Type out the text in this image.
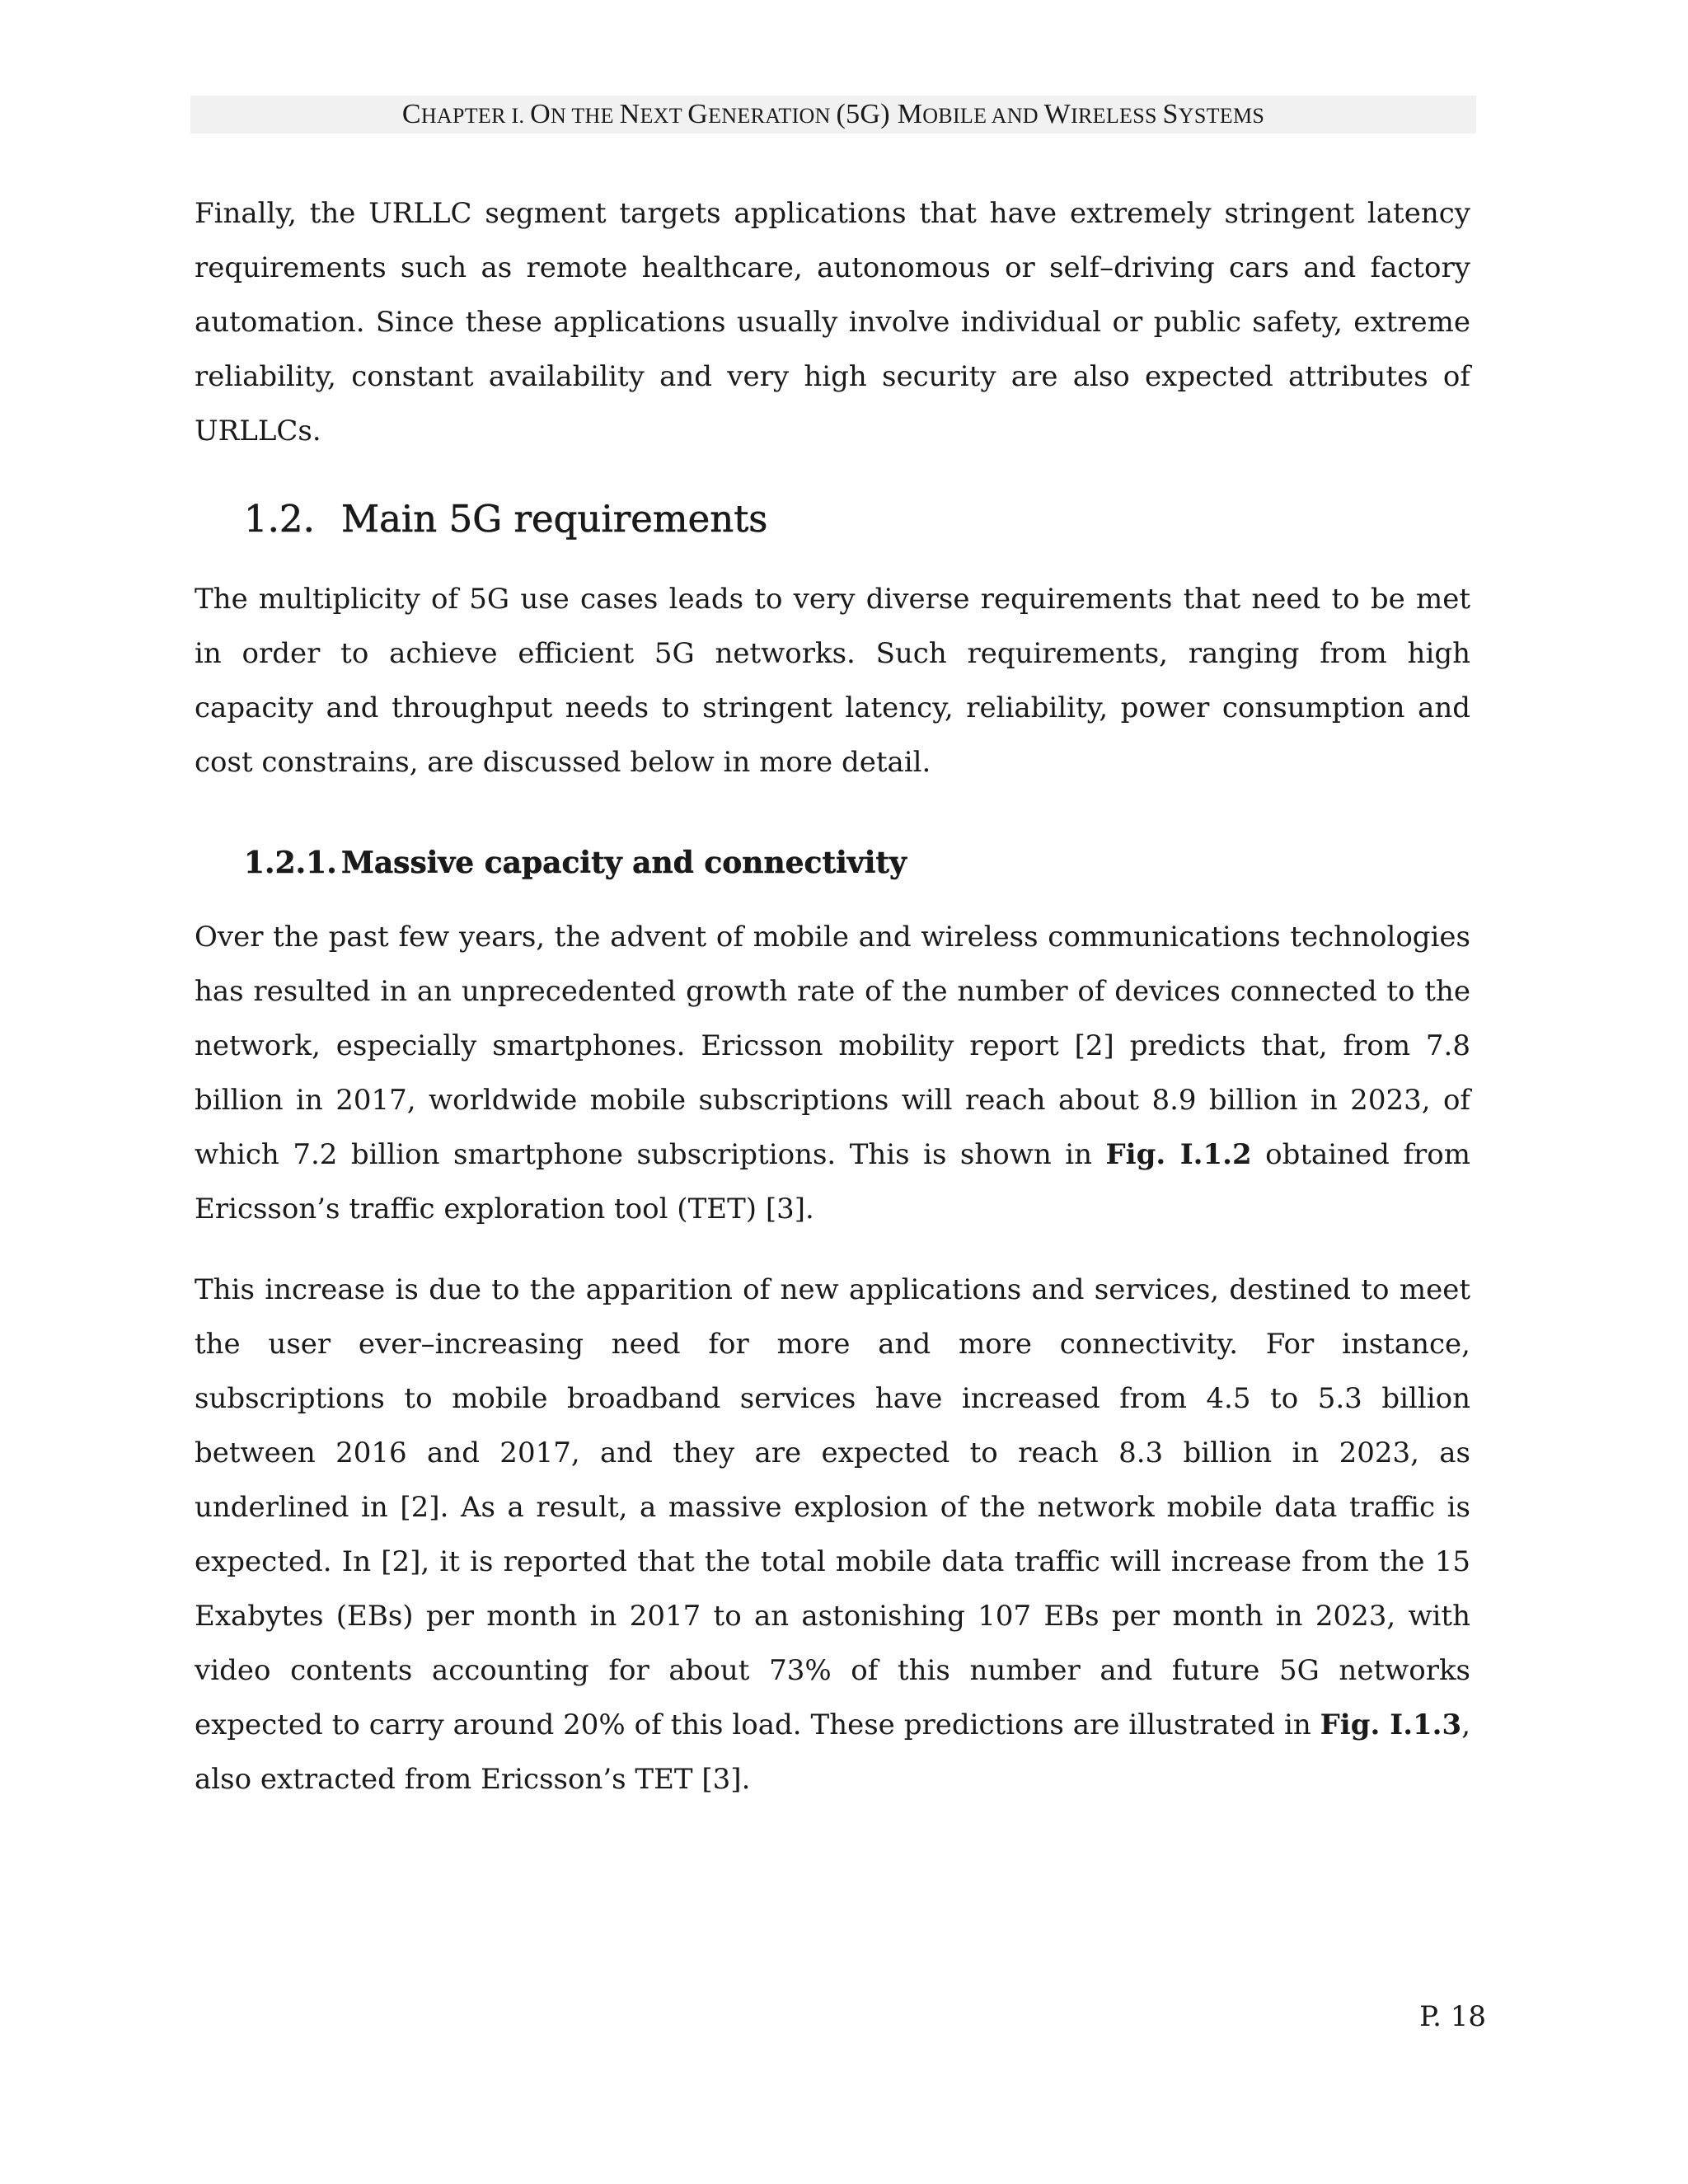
CHAPTER I. ON THE NEXT GENERATION (5G) MOBILE AND WIRELESS SYSTEMS

Finally, the URLLC segment targets applications that have extremely stringent latency requirements such as remote healthcare, autonomous or self–driving cars and factory automation. Since these applications usually involve individual or public safety, extreme reliability, constant availability and very high security are also expected attributes of URLLCs.

1.2. Main 5G requirements

The multiplicity of 5G use cases leads to very diverse requirements that need to be met in order to achieve efficient 5G networks. Such requirements, ranging from high capacity and throughput needs to stringent latency, reliability, power consumption and cost constrains, are discussed below in more detail.

1.2.1. Massive capacity and connectivity

Over the past few years, the advent of mobile and wireless communications technologies has resulted in an unprecedented growth rate of the number of devices connected to the network, especially smartphones. Ericsson mobility report [2] predicts that, from 7.8 billion in 2017, worldwide mobile subscriptions will reach about 8.9 billion in 2023, of which 7.2 billion smartphone subscriptions. This is shown in Fig. I.1.2 obtained from Ericsson’s traffic exploration tool (TET) [3].

This increase is due to the apparition of new applications and services, destined to meet the user ever–increasing need for more and more connectivity. For instance, subscriptions to mobile broadband services have increased from 4.5 to 5.3 billion between 2016 and 2017, and they are expected to reach 8.3 billion in 2023, as underlined in [2]. As a result, a massive explosion of the network mobile data traffic is expected. In [2], it is reported that the total mobile data traffic will increase from the 15 Exabytes (EBs) per month in 2017 to an astonishing 107 EBs per month in 2023, with video contents accounting for about 73% of this number and future 5G networks expected to carry around 20% of this load. These predictions are illustrated in Fig. I.1.3, also extracted from Ericsson’s TET [3].

P. 18
